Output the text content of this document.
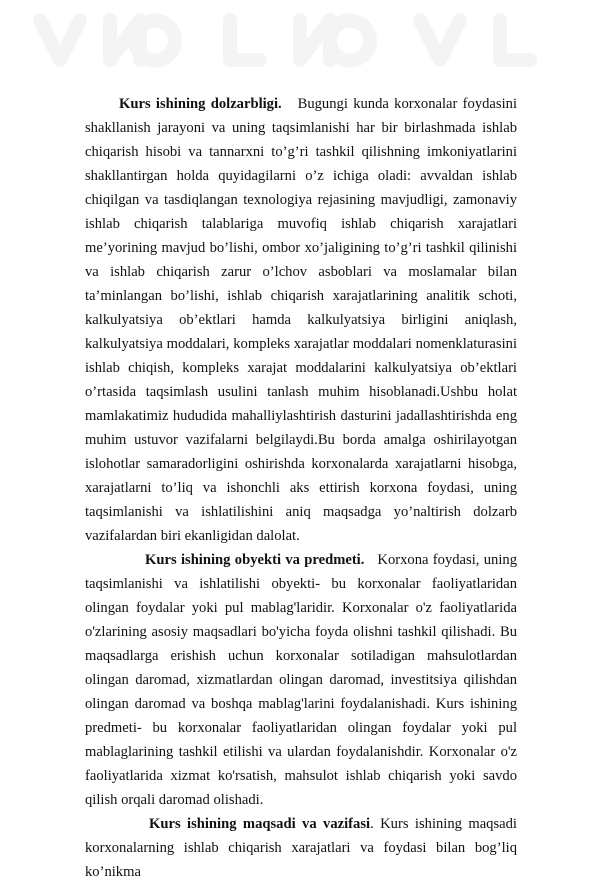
Kurs ishining dolzarbligi. Bugungi kunda korxonalar foydasini shakllanish jarayoni va uning taqsimlanishi har bir birlashmada ishlab chiqarish hisobi va tannarxni to’g’ri tashkil qilishning imkoniyatlarini shakllantirgan holda quyidagilarni o’z ichiga oladi: avvaldan ishlab chiqilgan va tasdiqlangan texnologiya rejasining mavjudligi, zamonaviy ishlab chiqarish talablariga muvofiq ishlab chiqarish xarajatlari me’yorining mavjud bo’lishi, ombor xo’jaligining to’g’ri tashkil qilinishi va ishlab chiqarish zarur o’lchov asboblari va moslamalar bilan ta’minlangan bo’lishi, ishlab chiqarish xarajatlarining analitik schoti, kalkulyatsiya ob’ektlari hamda kalkulyatsiya birligini aniqlash, kalkulyatsiya moddalari, kompleks xarajatlar moddalari nomenklaturasini ishlab chiqish, kompleks xarajat moddalarini kalkulyatsiya ob’ektlari o’rtasida taqsimlash usulini tanlash muhim hisoblanadi.Ushbu holat mamlakatimiz hududida mahalliylashtirish dasturini jadallashtirishda eng muhim ustuvor vazifalarni belgilaydi.Bu borda amalga oshirilayotgan islohotlar samaradorligini oshirishda korxonalarda xarajatlarni hisobga, xarajatlarni to’liq va ishonchli aks ettirish korxona foydasi, uning taqsimlanishi va ishlatilishini aniq maqsadga yo’naltirish dolzarb vazifalardan biri ekanligidan dalolat.

Kurs ishining obyekti va predmeti. Korxona foydasi, uning taqsimlanishi va ishlatilishi obyekti- bu korxonalar faoliyatlaridan olingan foydalar yoki pul mablag'laridir. Korxonalar o'z faoliyatlarida o'zlarining asosiy maqsadlari bo'yicha foyda olishni tashkil qilishadi. Bu maqsadlarga erishish uchun korxonalar sotiladigan mahsulotlardan olingan daromad, xizmatlardan olingan daromad, investitsiya qilishdan olingan daromad va boshqa mablag'larini foydalanishadi. Kurs ishining predmeti- bu korxonalar faoliyatlaridan olingan foydalar yoki pul mablaglarining tashkil etilishi va ulardan foydalanishdir. Korxonalar o'z faoliyatlarida xizmat ko'rsatish, mahsulot ishlab chiqarish yoki savdo qilish orqali daromad olishadi.

Kurs ishining maqsadi va vazifasi. Kurs ishining maqsadi korxonalarning ishlab chiqarish xarajatlari va foydasi bilan bog’liq ko’nikma
